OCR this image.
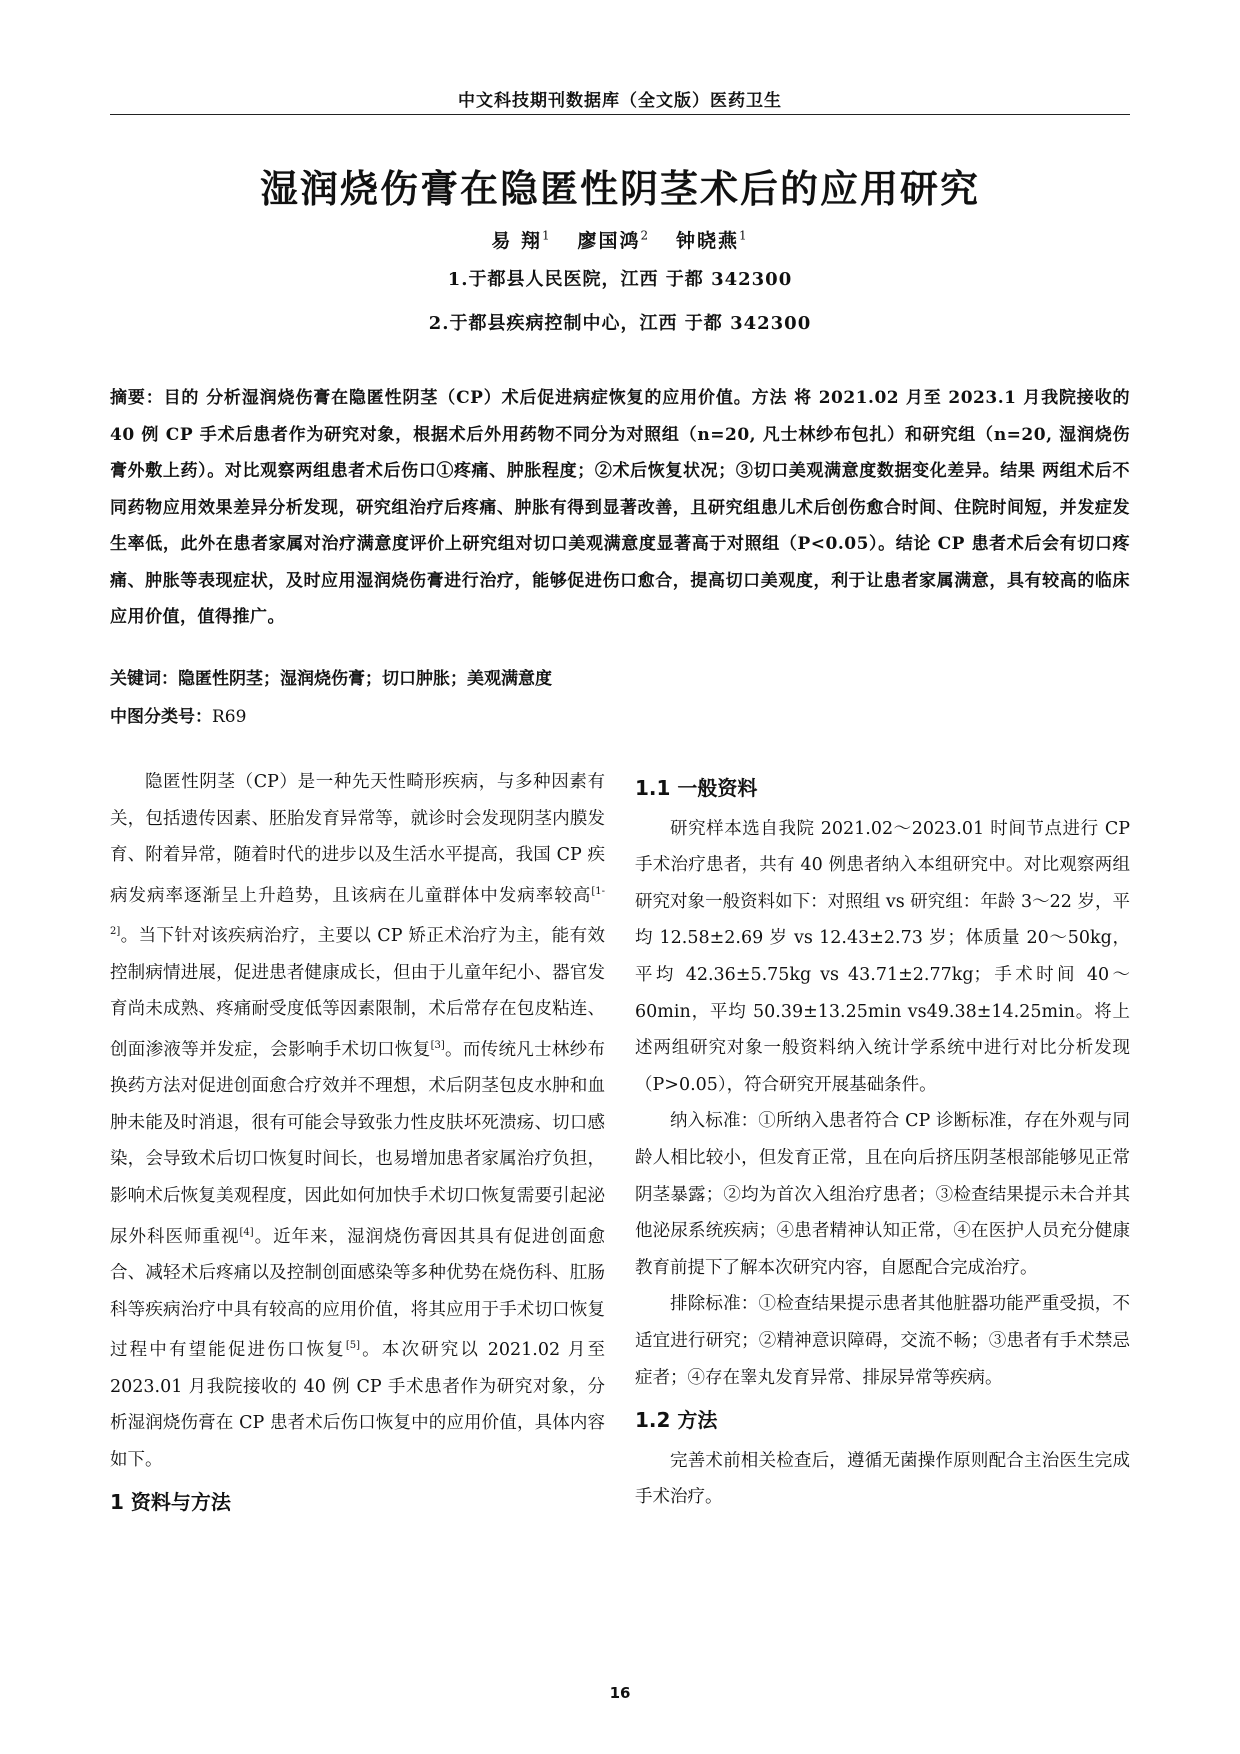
中文科技期刊数据库（全文版）医药卫生
湿润烧伤膏在隐匿性阴茎术后的应用研究
易 翔$^1$ 廖国鸿$^2$ 钟晓燕$^1$
1.于都县人民医院，江西 于都 342300
2.于都县疾病控制中心，江西 于都 342300
摘要：目的 分析湿润烧伤膏在隐匿性阴茎（CP）术后促进病症恢复的应用价值。方法 将 2021.02 月至 2023.1 月我院接收的 40 例 CP 手术后患者作为研究对象，根据术后外用药物不同分为对照组（n=20, 凡士林纱布包扎）和研究组（n=20, 湿润烧伤膏外敷上药）。对比观察两组患者术后伤口①疼痛、肿胀程度；②术后恢复状况；③切口美观满意度数据变化差异。结果 两组术后不同药物应用效果差异分析发现，研究组治疗后疼痛、肿胀有得到显著改善，且研究组患儿术后创伤愈合时间、住院时间短，并发症发生率低，此外在患者家属对治疗满意度评价上研究组对切口美观满意度显著高于对照组（P<0.05）。结论 CP 患者术后会有切口疼痛、肿胀等表现症状，及时应用湿润烧伤膏进行治疗，能够促进伤口愈合，提高切口美观度，利于让患者家属满意，具有较高的临床应用价值，值得推广。
关键词：隐匿性阴茎；湿润烧伤膏；切口肿胀；美观满意度
中图分类号：R69

隐匿性阴茎（CP）是一种先天性畸形疾病，与多种因素有关，包括遗传因素、胚胎发育异常等，就诊时会发现阴茎内膜发育、附着异常，随着时代的进步以及生活水平提高，我国 CP 疾病发病率逐渐呈上升趋势，且该病在儿童群体中发病率较高[1-2]。当下针对该疾病治疗，主要以 CP 矫正术治疗为主，能有效控制病情进展，促进患者健康成长，但由于儿童年纪小、器官发育尚未成熟、疼痛耐受度低等因素限制，术后常存在包皮粘连、创面渗液等并发症，会影响手术切口恢复[3]。而传统凡士林纱布换药方法对促进创面愈合疗效并不理想，术后阴茎包皮水肿和血肿未能及时消退，很有可能会导致张力性皮肤坏死溃疡、切口感染，会导致术后切口恢复时间长，也易增加患者家属治疗负担，影响术后恢复美观程度，因此如何加快手术切口恢复需要引起泌尿外科医师重视[4]。近年来，湿润烧伤膏因其具有促进创面愈合、减轻术后疼痛以及控制创面感染等多种优势在烧伤科、肛肠科等疾病治疗中具有较高的应用价值，将其应用于手术切口恢复过程中有望能促进伤口恢复[5]。本次研究以 2021.02 月至 2023.01 月我院接收的 40 例 CP 手术患者作为研究对象，分析湿润烧伤膏在 CP 患者术后伤口恢复中的应用价值，具体内容如下。

1 资料与方法
1.1 一般资料

研究样本选自我院 2021.02～2023.01 时间节点进行 CP 手术治疗患者，共有 40 例患者纳入本组研究中。对比观察两组研究对象一般资料如下：对照组 vs 研究组：年龄 3～22 岁，平均 12.58±2.69 岁 vs 12.43±2.73 岁；体质量 20～50kg，平均 42.36±5.75kg vs 43.71±2.77kg；手术时间 40～60min，平均 50.39±13.25min vs49.38±14.25min。将上述两组研究对象一般资料纳入统计学系统中进行对比分析发现（P>0.05），符合研究开展基础条件。

纳入标准：①所纳入患者符合 CP 诊断标准，存在外观与同龄人相比较小，但发育正常，且在向后挤压阴茎根部能够见正常阴茎暴露；②均为首次入组治疗患者；③检查结果提示未合并其他泌尿系统疾病；④患者精神认知正常，④在医护人员充分健康教育前提下了解本次研究内容，自愿配合完成治疗。

排除标准：①检查结果提示患者其他脏器功能严重受损，不适宜进行研究；②精神意识障碍，交流不畅；③患者有手术禁忌症者；④存在睾丸发育异常、排尿异常等疾病。

1.2 方法

完善术前相关检查后，遵循无菌操作原则配合主治医生完成手术治疗。

16
